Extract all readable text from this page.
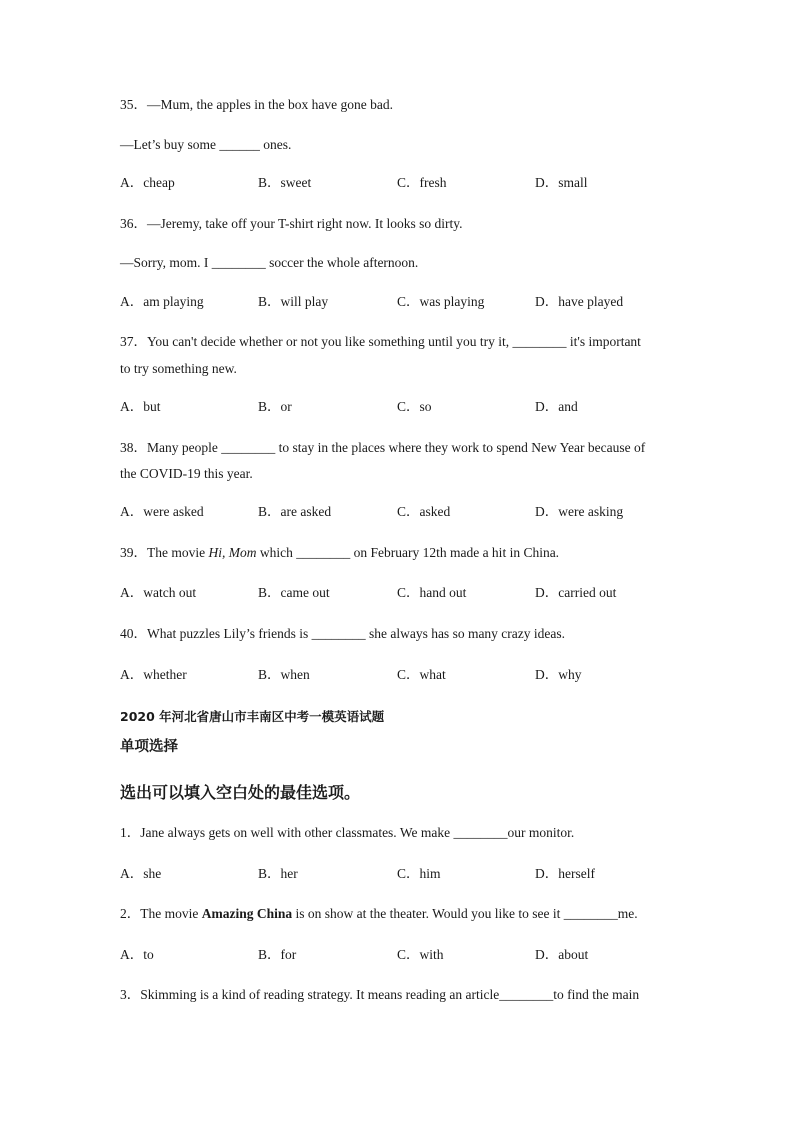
35．—Mum, the apples in the box have gone bad.
—Let’s buy some ______ ones.
A．cheap	B．sweet	C．fresh	D．small
36．—Jeremy, take off your T-shirt right now. It looks so dirty.
—Sorry, mom. I ________ soccer the whole afternoon.
A．am playing	B．will play	C．was playing	D．have played
37．You can't decide whether or not you like something until you try it, ________ it's important
to try something new.
A．but	B．or	C．so	D．and
38．Many people ________ to stay in the places where they work to spend New Year because of
the COVID-19 this year.
A．were asked	B．are asked	C．asked	D．were asking
39．The movie Hi, Mom which ________ on February 12th made a hit in China.
A．watch out	B．came out	C．hand out	D．carried out
40．What puzzles Lily’s friends is ________ she always has so many crazy ideas.
A．whether	B．when	C．what	D．why
2020 年河北省唐山市丰南区中考一模英语试题
单项选择
选出可以填入空白处的最佳选项。
1．Jane always gets on well with other classmates. We make ________our monitor.
A．she	B．her	C．him	D．herself
2．The movie Amazing China is on show at the theater. Would you like to see it ________me.
A．to	B．for	C．with	D．about
3．Skimming is a kind of reading strategy. It means reading an article________to find the main
